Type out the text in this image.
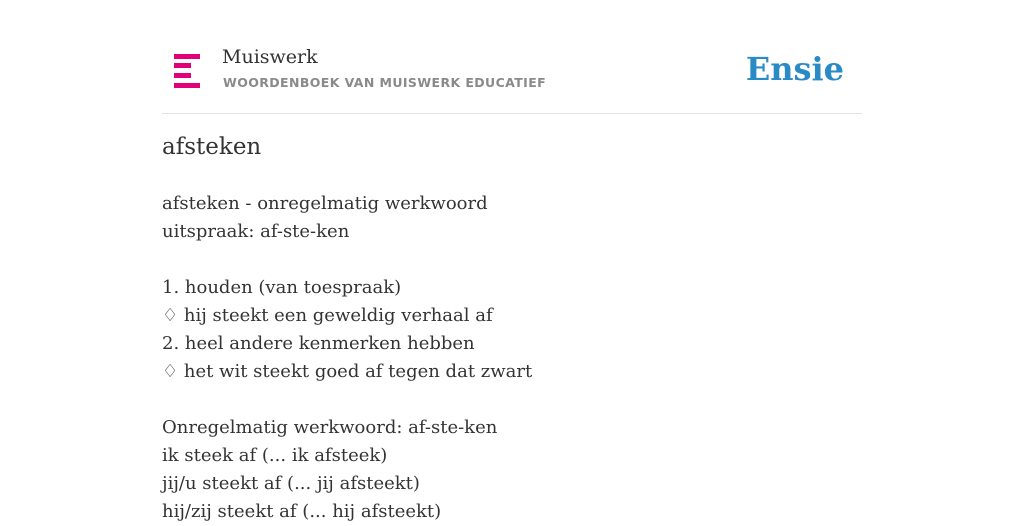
Muiswerk
WOORDENBOEK VAN MUISWERK EDUCATIEF	Ensie
afsteken
afsteken - onregelmatig werkwoord
uitspraak: af-ste-ken
1. houden (van toespraak)
♢ hij steekt een geweldig verhaal af
2. heel andere kenmerken hebben
♢ het wit steekt goed af tegen dat zwart
Onregelmatig werkwoord: af-ste-ken
ik steek af (... ik afsteek)
jij/u steekt af (... jij afsteekt)
hij/zij steekt af (... hij afsteekt)
